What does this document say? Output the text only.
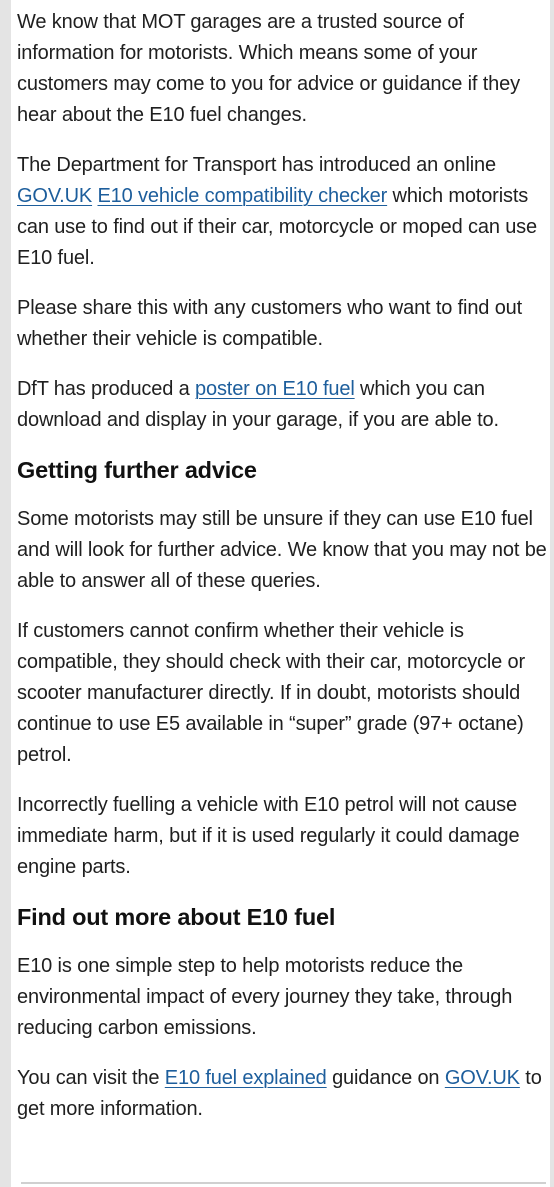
We know that MOT garages are a trusted source of information for motorists. Which means some of your customers may come to you for advice or guidance if they hear about the E10 fuel changes.

The Department for Transport has introduced an online GOV.UK E10 vehicle compatibility checker which motorists can use to find out if their car, motorcycle or moped can use E10 fuel.

Please share this with any customers who want to find out whether their vehicle is compatible.

DfT has produced a poster on E10 fuel which you can download and display in your garage, if you are able to.

Getting further advice

Some motorists may still be unsure if they can use E10 fuel and will look for further advice. We know that you may not be able to answer all of these queries.

If customers cannot confirm whether their vehicle is compatible, they should check with their car, motorcycle or scooter manufacturer directly. If in doubt, motorists should continue to use E5 available in “super” grade (97+ octane) petrol.

Incorrectly fuelling a vehicle with E10 petrol will not cause immediate harm, but if it is used regularly it could damage engine parts.

Find out more about E10 fuel

E10 is one simple step to help motorists reduce the environmental impact of every journey they take, through reducing carbon emissions.

You can visit the E10 fuel explained guidance on GOV.UK to get more information.
